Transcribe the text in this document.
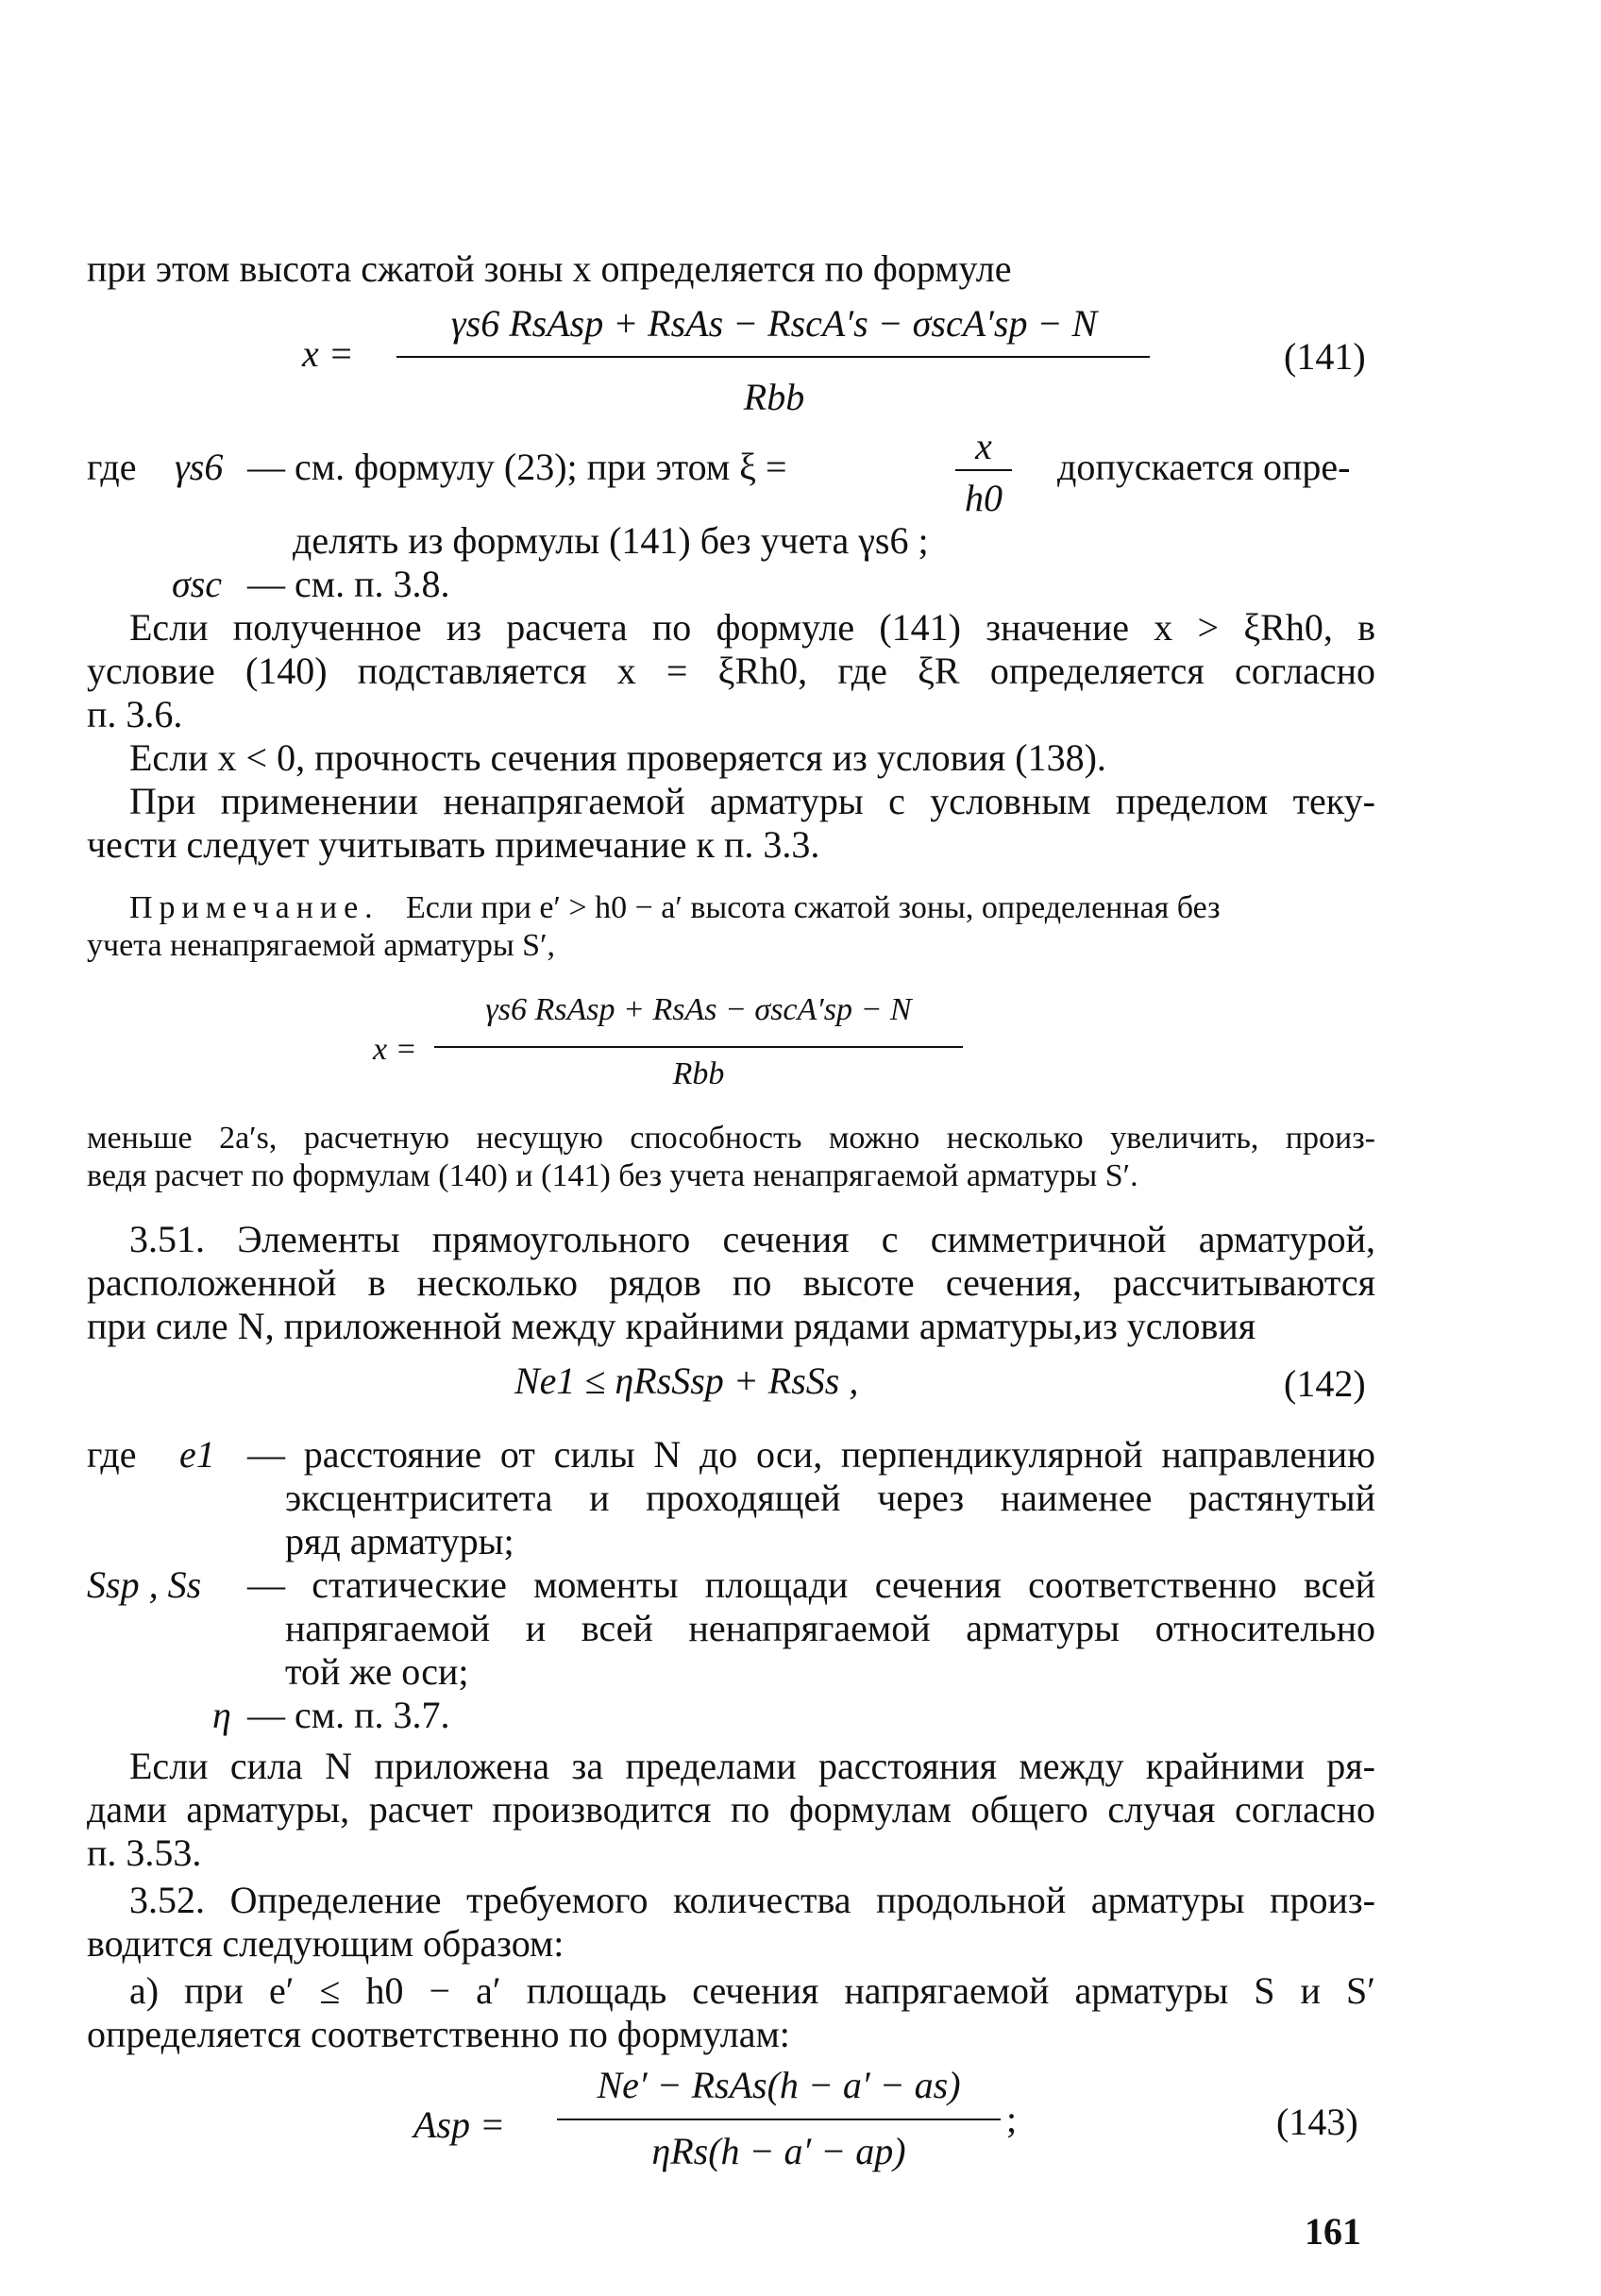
при этом высота сжатой зоны x определяется по формуле
x =
γs6 RsAsp + RsAs − RscA′s − σscA′sp − N
Rbb
(141)
где γs6 — см. формулу (23); при этом ξ =	x
h0
допускается опре-
делять из формулы (141) без учета γs6 ;
σsc — см. п. 3.8.
Если полученное из расчета по формуле (141) значение x > ξRh0, в
условие (140) подставляется x = ξRh0, где ξR определяется согласно
п. 3.6.
Если x < 0, прочность сечения проверяется из условия (138).
При применении ненапрягаемой арматуры с условным пределом теку-
чести следует учитывать примечание к п. 3.3.
Примечание. Если при e′ > h0 − a′ высота сжатой зоны, определенная без
учета ненапрягаемой арматуры S′,
x =
γs6 RsAsp + RsAs − σscA′sp − N
Rbb
меньше 2a′s, расчетную несущую способность можно несколько увеличить, произ-
ведя расчет по формулам (140) и (141) без учета ненапрягаемой арматуры S′.
3.51. Элементы прямоугольного сечения с симметричной арматурой,
расположенной в несколько рядов по высоте сечения, рассчитываются
при силе N, приложенной между крайними рядами арматуры,из условия
Ne1 ≤ ηRsSsp + RsSs ,	(142)
где e1 — расстояние от силы N до оси, перпендикулярной направлению
эксцентриситета и проходящей через наименее растянутый
ряд арматуры;
Ssp , Ss — статические моменты площади сечения соответственно всей
напрягаемой и всей ненапрягаемой арматуры относительно
той же оси;
η — см. п. 3.7.
Если сила N приложена за пределами расстояния между крайними ря-
дами арматуры, расчет производится по формулам общего случая согласно
п. 3.53.
3.52. Определение требуемого количества продольной арматуры произ-
водится следующим образом:
а) при e′ ≤ h0 − a′ площадь сечения напрягаемой арматуры S и S′
определяется соответственно по формулам:
Asp =
Ne′ − RsAs(h − a′ − as)
ηRs(h − a′ − ap)
;	(143)
161
